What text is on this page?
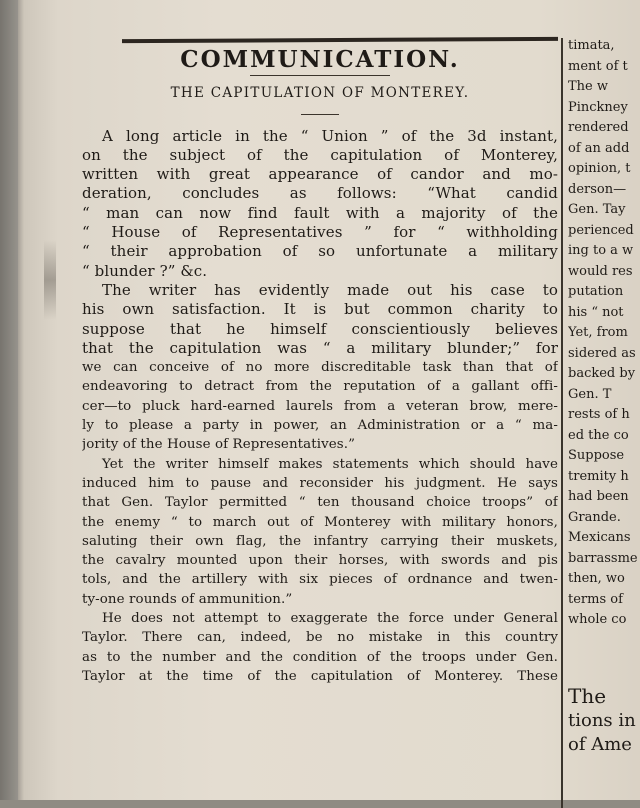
COMMUNICATION.
THE CAPITULATION OF MONTEREY.
A long article in the “ Union ” of the 3d instant,
on the subject of the capitulation of Monterey,
written with great appearance of candor and mo-
deration, concludes as follows: “What candid
“ man can now find fault with a majority of the
“ House of Representatives ” for “ withholding
“ their approbation of so unfortunate a military
“ blunder ?” &c.
The writer has evidently made out his case to
his own satisfaction. It is but common charity to
suppose that he himself conscientiously believes
that the capitulation was “ a military blunder;” for
we can conceive of no more discreditable task than that of
endeavoring to detract from the reputation of a gallant offi-
cer—to pluck hard-earned laurels from a veteran brow, mere-
ly to please a party in power, an Administration or a “ ma-
jority of the House of Representatives.”
Yet the writer himself makes statements which should have
induced him to pause and reconsider his judgment. He says
that Gen. Taylor permitted “ ten thousand choice troops” of
the enemy “ to march out of Monterey with military honors,
saluting their own flag, the infantry carrying their muskets,
the cavalry mounted upon their horses, with swords and pis
tols, and the artillery with six pieces of ordnance and twen-
ty-one rounds of ammunition.”
He does not attempt to exaggerate the force under General
Taylor. There can, indeed, be no mistake in this country
as to the number and the condition of the troops under Gen.
Taylor at the time of the capitulation of Monterey. These
timata,
ment of t
The w
Pinckney
rendered
of an add
opinion, t
derson—
Gen. Tay
perienced
ing to a w
would res
putation
his “ not
Yet, from
sidered as
backed by
Gen. T
rests of h
ed the co
Suppose
tremity h
had been
Grande.
Mexicans
barrassme
then, wo
terms of
whole co
The
tions in
of Ame
